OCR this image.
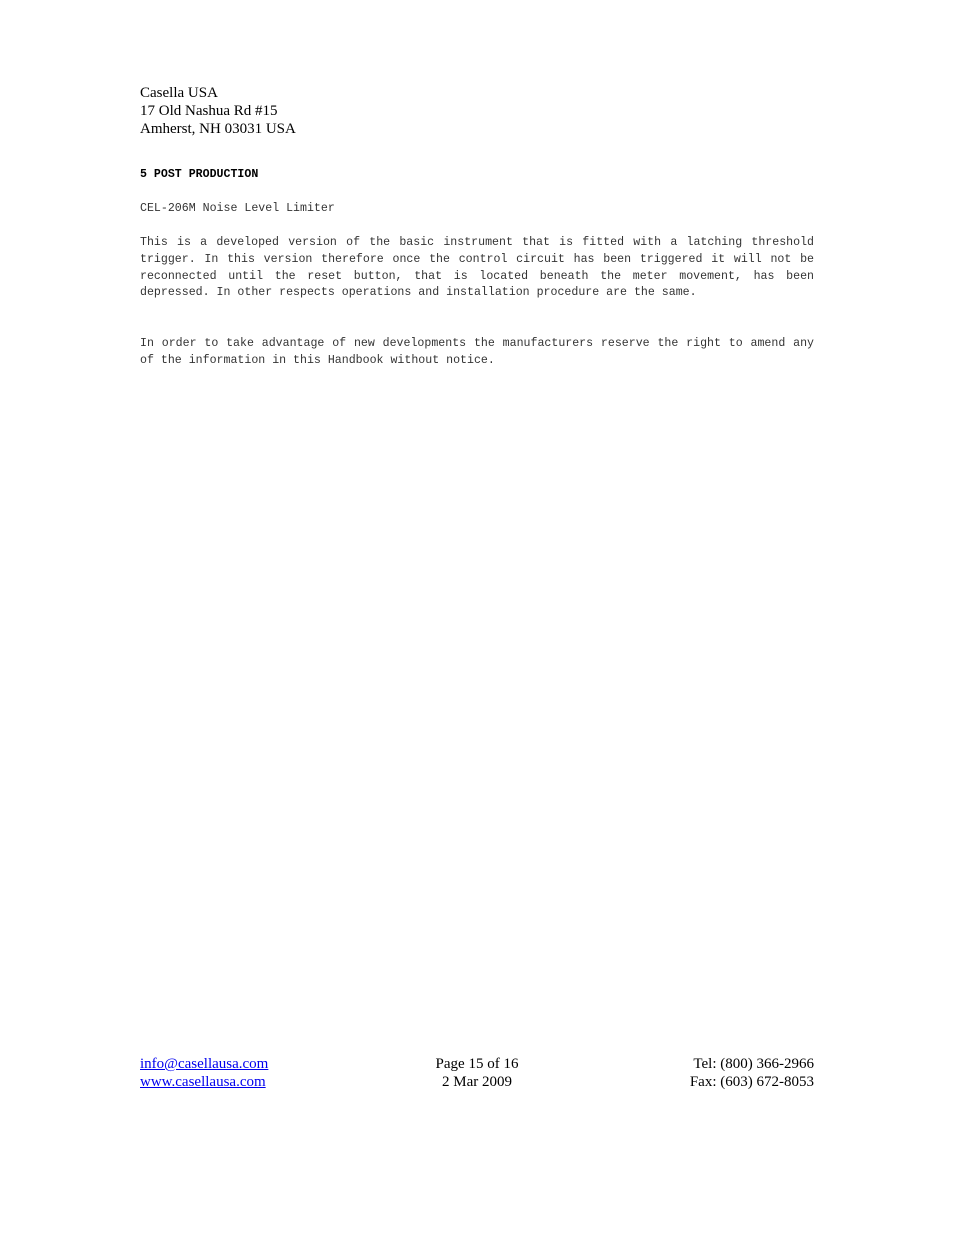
Casella USA
17 Old Nashua Rd #15
Amherst, NH 03031 USA
5 POST PRODUCTION
CEL-206M Noise Level Limiter

This is a developed version of the basic instrument that is fitted with a latching threshold trigger. In this version therefore once the control circuit has been triggered it will not be reconnected until the reset button, that is located beneath the meter movement, has been depressed. In other respects operations and installation procedure are the same.

In order to take advantage of new developments the manufacturers reserve the right to amend any of the information in this Handbook without notice.

Page 15 of 16
2 Mar 2009
info@casellausa.com
www.casellausa.com
Tel: (800) 366-2966
Fax: (603) 672-8053
